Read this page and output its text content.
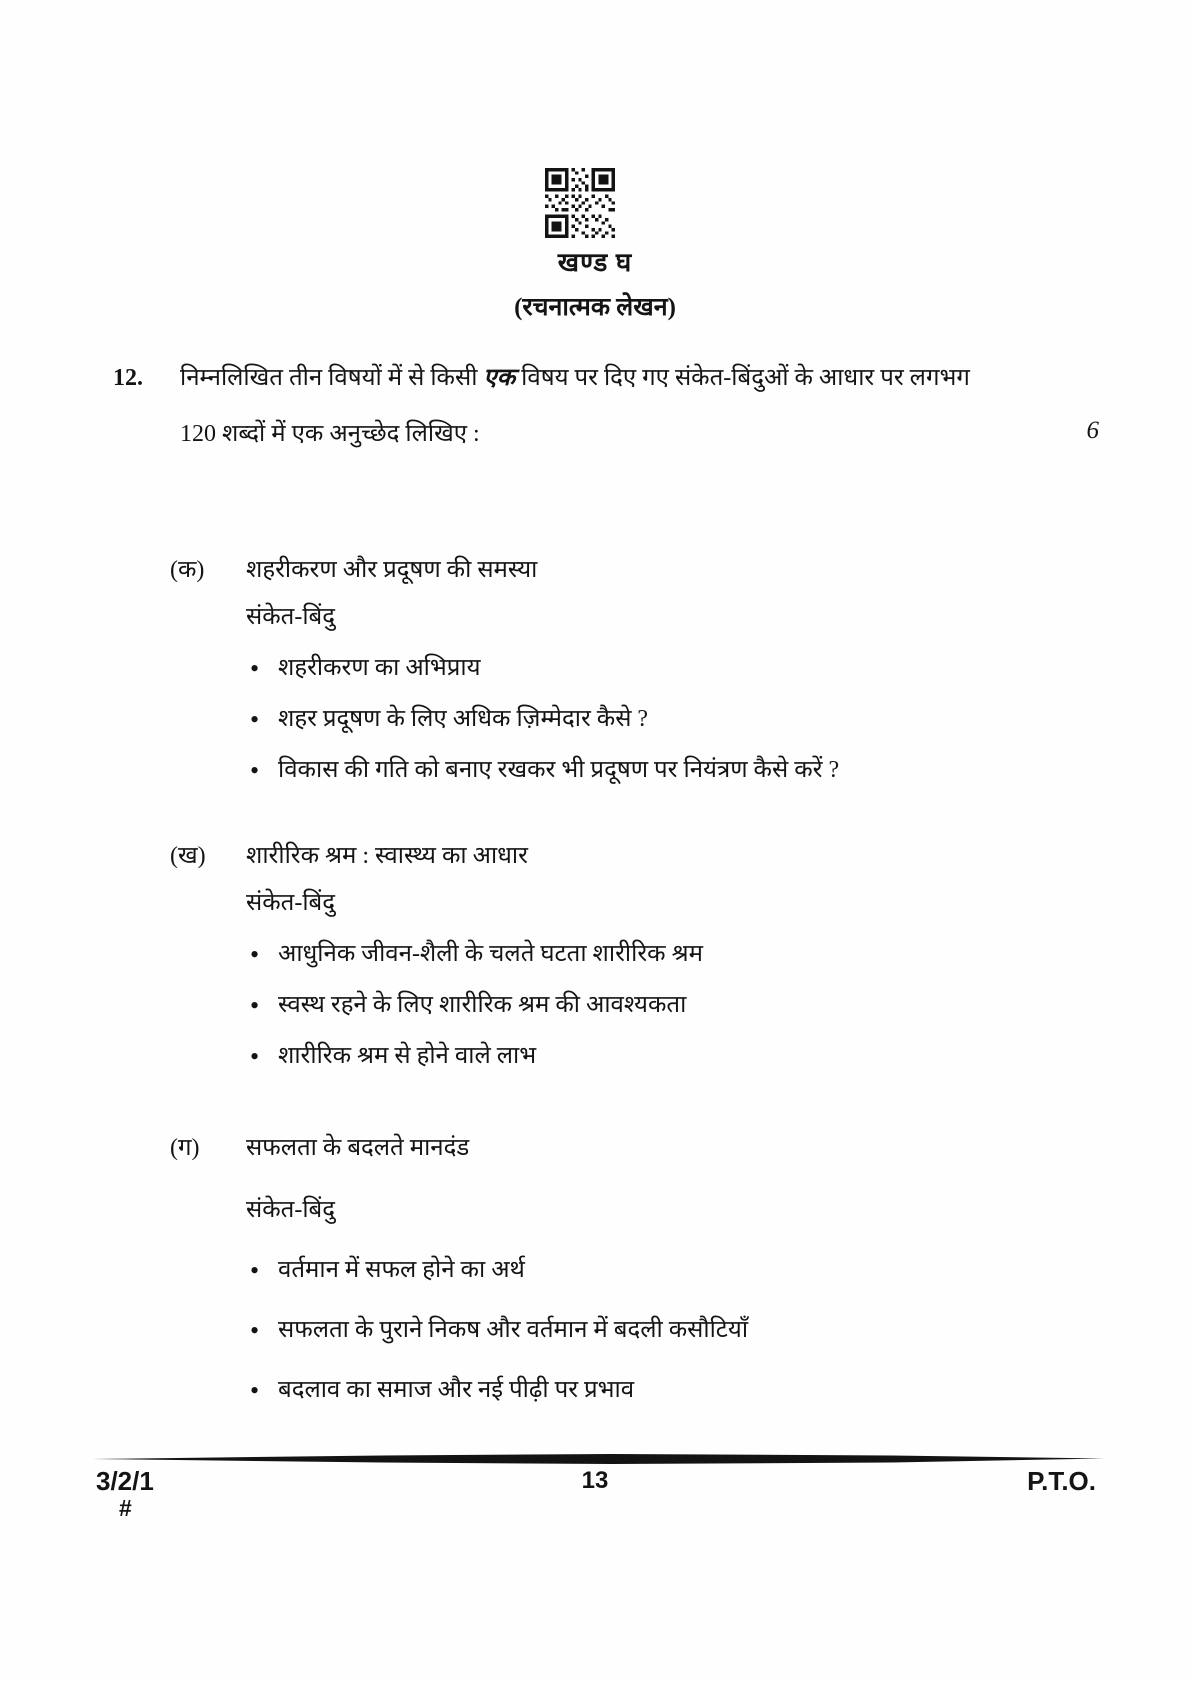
खण्ड घ
(रचनात्मक लेखन)
12.	निम्नलिखित तीन विषयों में से किसी एक विषय पर दिए गए संकेत-बिंदुओं के आधार पर लगभग

120 शब्दों में एक अनुच्छेद लिखिए :	6
(क)	शहरीकरण और प्रदूषण की समस्या

संकेत-बिंदु

• शहरीकरण का अभिप्राय
• शहर प्रदूषण के लिए अधिक ज़िम्मेदार कैसे ?
• विकास की गति को बनाए रखकर भी प्रदूषण पर नियंत्रण कैसे करें ?
(ख)	शारीरिक श्रम : स्वास्थ्य का आधार

संकेत-बिंदु

• आधुनिक जीवन-शैली के चलते घटता शारीरिक श्रम
• स्वस्थ रहने के लिए शारीरिक श्रम की आवश्यकता
• शारीरिक श्रम से होने वाले लाभ
(ग)	सफलता के बदलते मानदंड

संकेत-बिंदु

• वर्तमान में सफल होने का अर्थ
• सफलता के पुराने निकष और वर्तमान में बदली कसौटियाँ
• बदलाव का समाज और नई पीढ़ी पर प्रभाव
3/2/1
#
13	P.T.O.
